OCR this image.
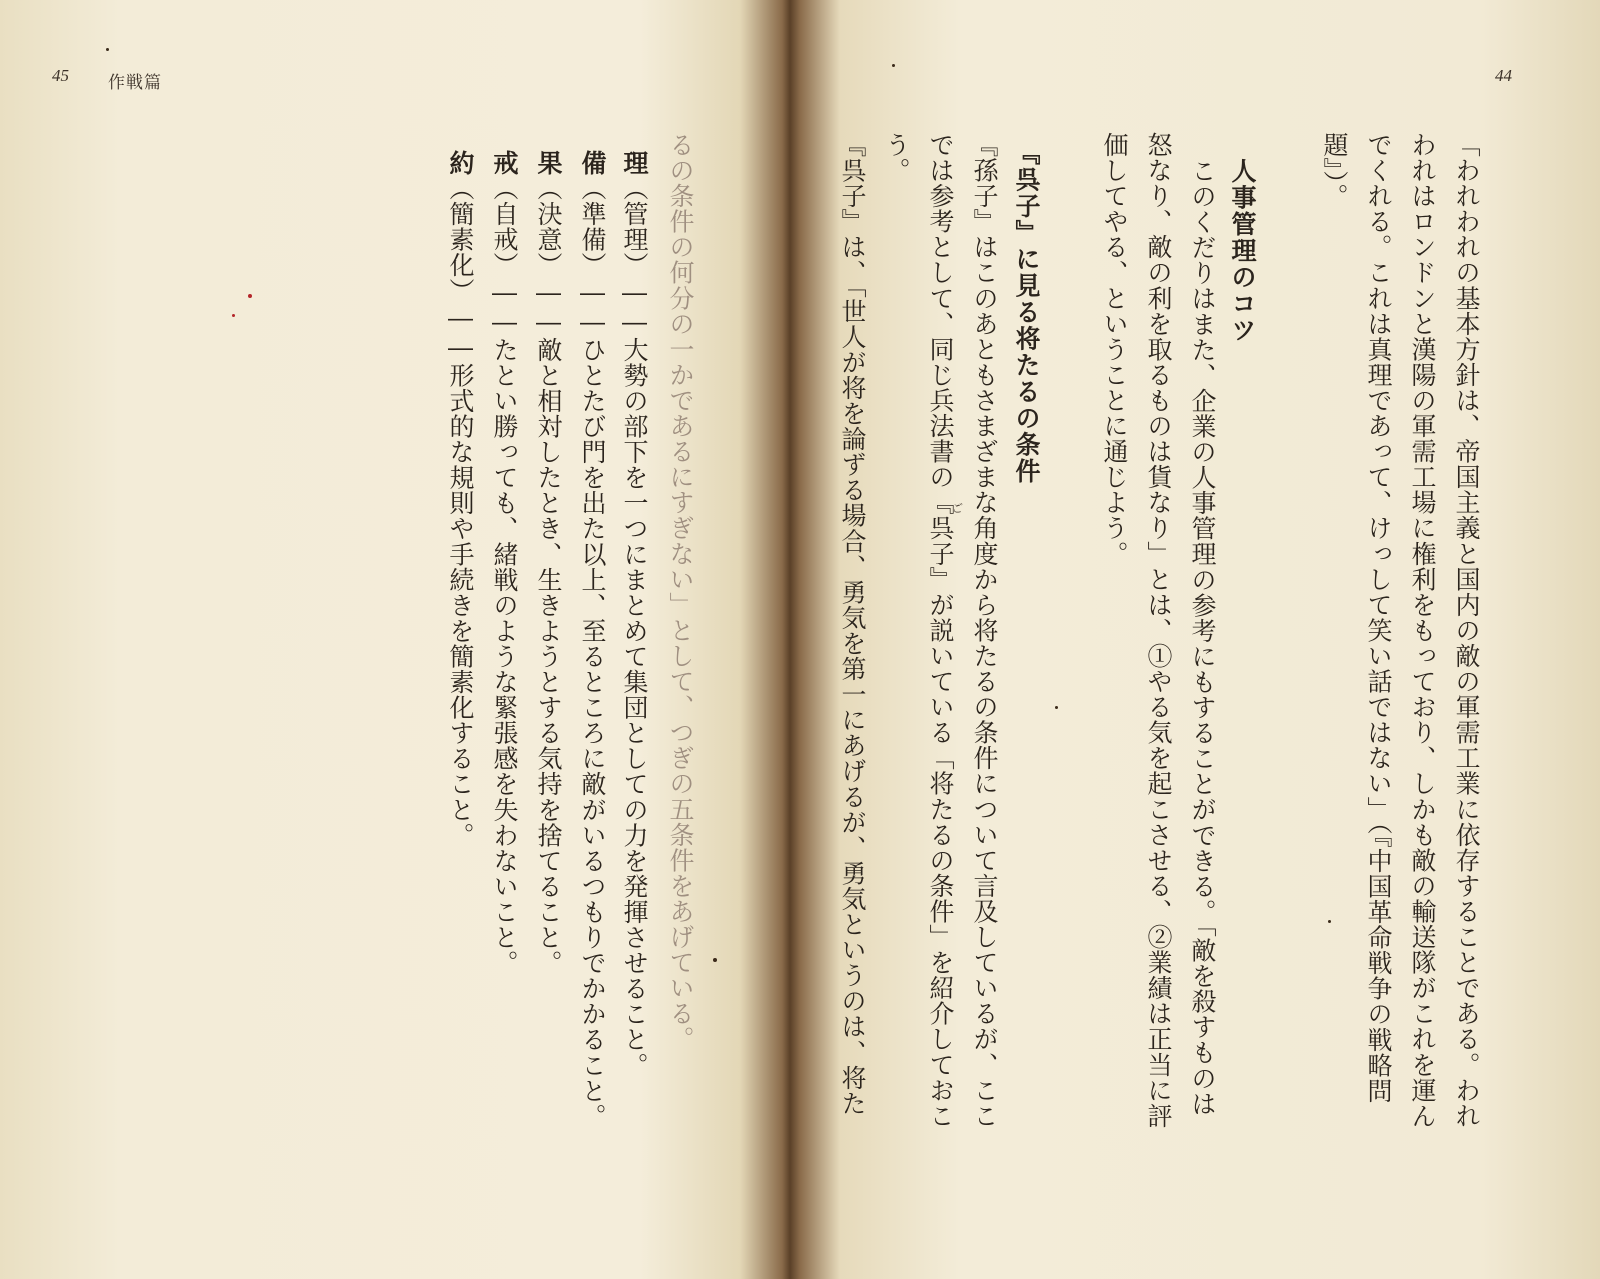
45 作戦篇
るの条件の何分の一かであるにすぎない」として、つぎの五条件をあげている。
理（管理）――大勢の部下を一つにまとめて集団としての力を発揮させること。
備（準備）――ひとたび門を出た以上、至るところに敵がいるつもりでかかること。
果（決意）――敵と相対したとき、生きようとする気持を捨てること。
戒（自戒）――たとい勝っても、緒戦のような緊張感を失わないこと。
約（簡素化）――形式的な規則や手続きを簡素化すること。
44
「われわれの基本方針は、帝国主義と国内の敵の軍需工業に依存することである。われ
われはロンドンと漢陽の軍需工場に権利をもっており、しかも敵の輸送隊がこれを運ん
でくれる。これは真理であって、けっして笑い話ではない」（『中国革命戦争の戦略問
題』）。
人事管理のコツ
このくだりはまた、企業の人事管理の参考にもすることができる。「敵を殺すものは
怒なり、敵の利を取るものは貨なり」とは、①やる気を起こさせる、②業績は正当に評
価してやる、ということに通じよう。
『呉子』に見る将たるの条件
『孫子』はこのあともさまざまな角度から将たるの条件について言及しているが、ここ
では参考として、同じ兵法書の『呉子』が説いている「将たるの条件」を紹介しておこ
う。
『呉子』は、「世人が将を論ずる場合、勇気を第一にあげるが、勇気というのは、将た	ご
